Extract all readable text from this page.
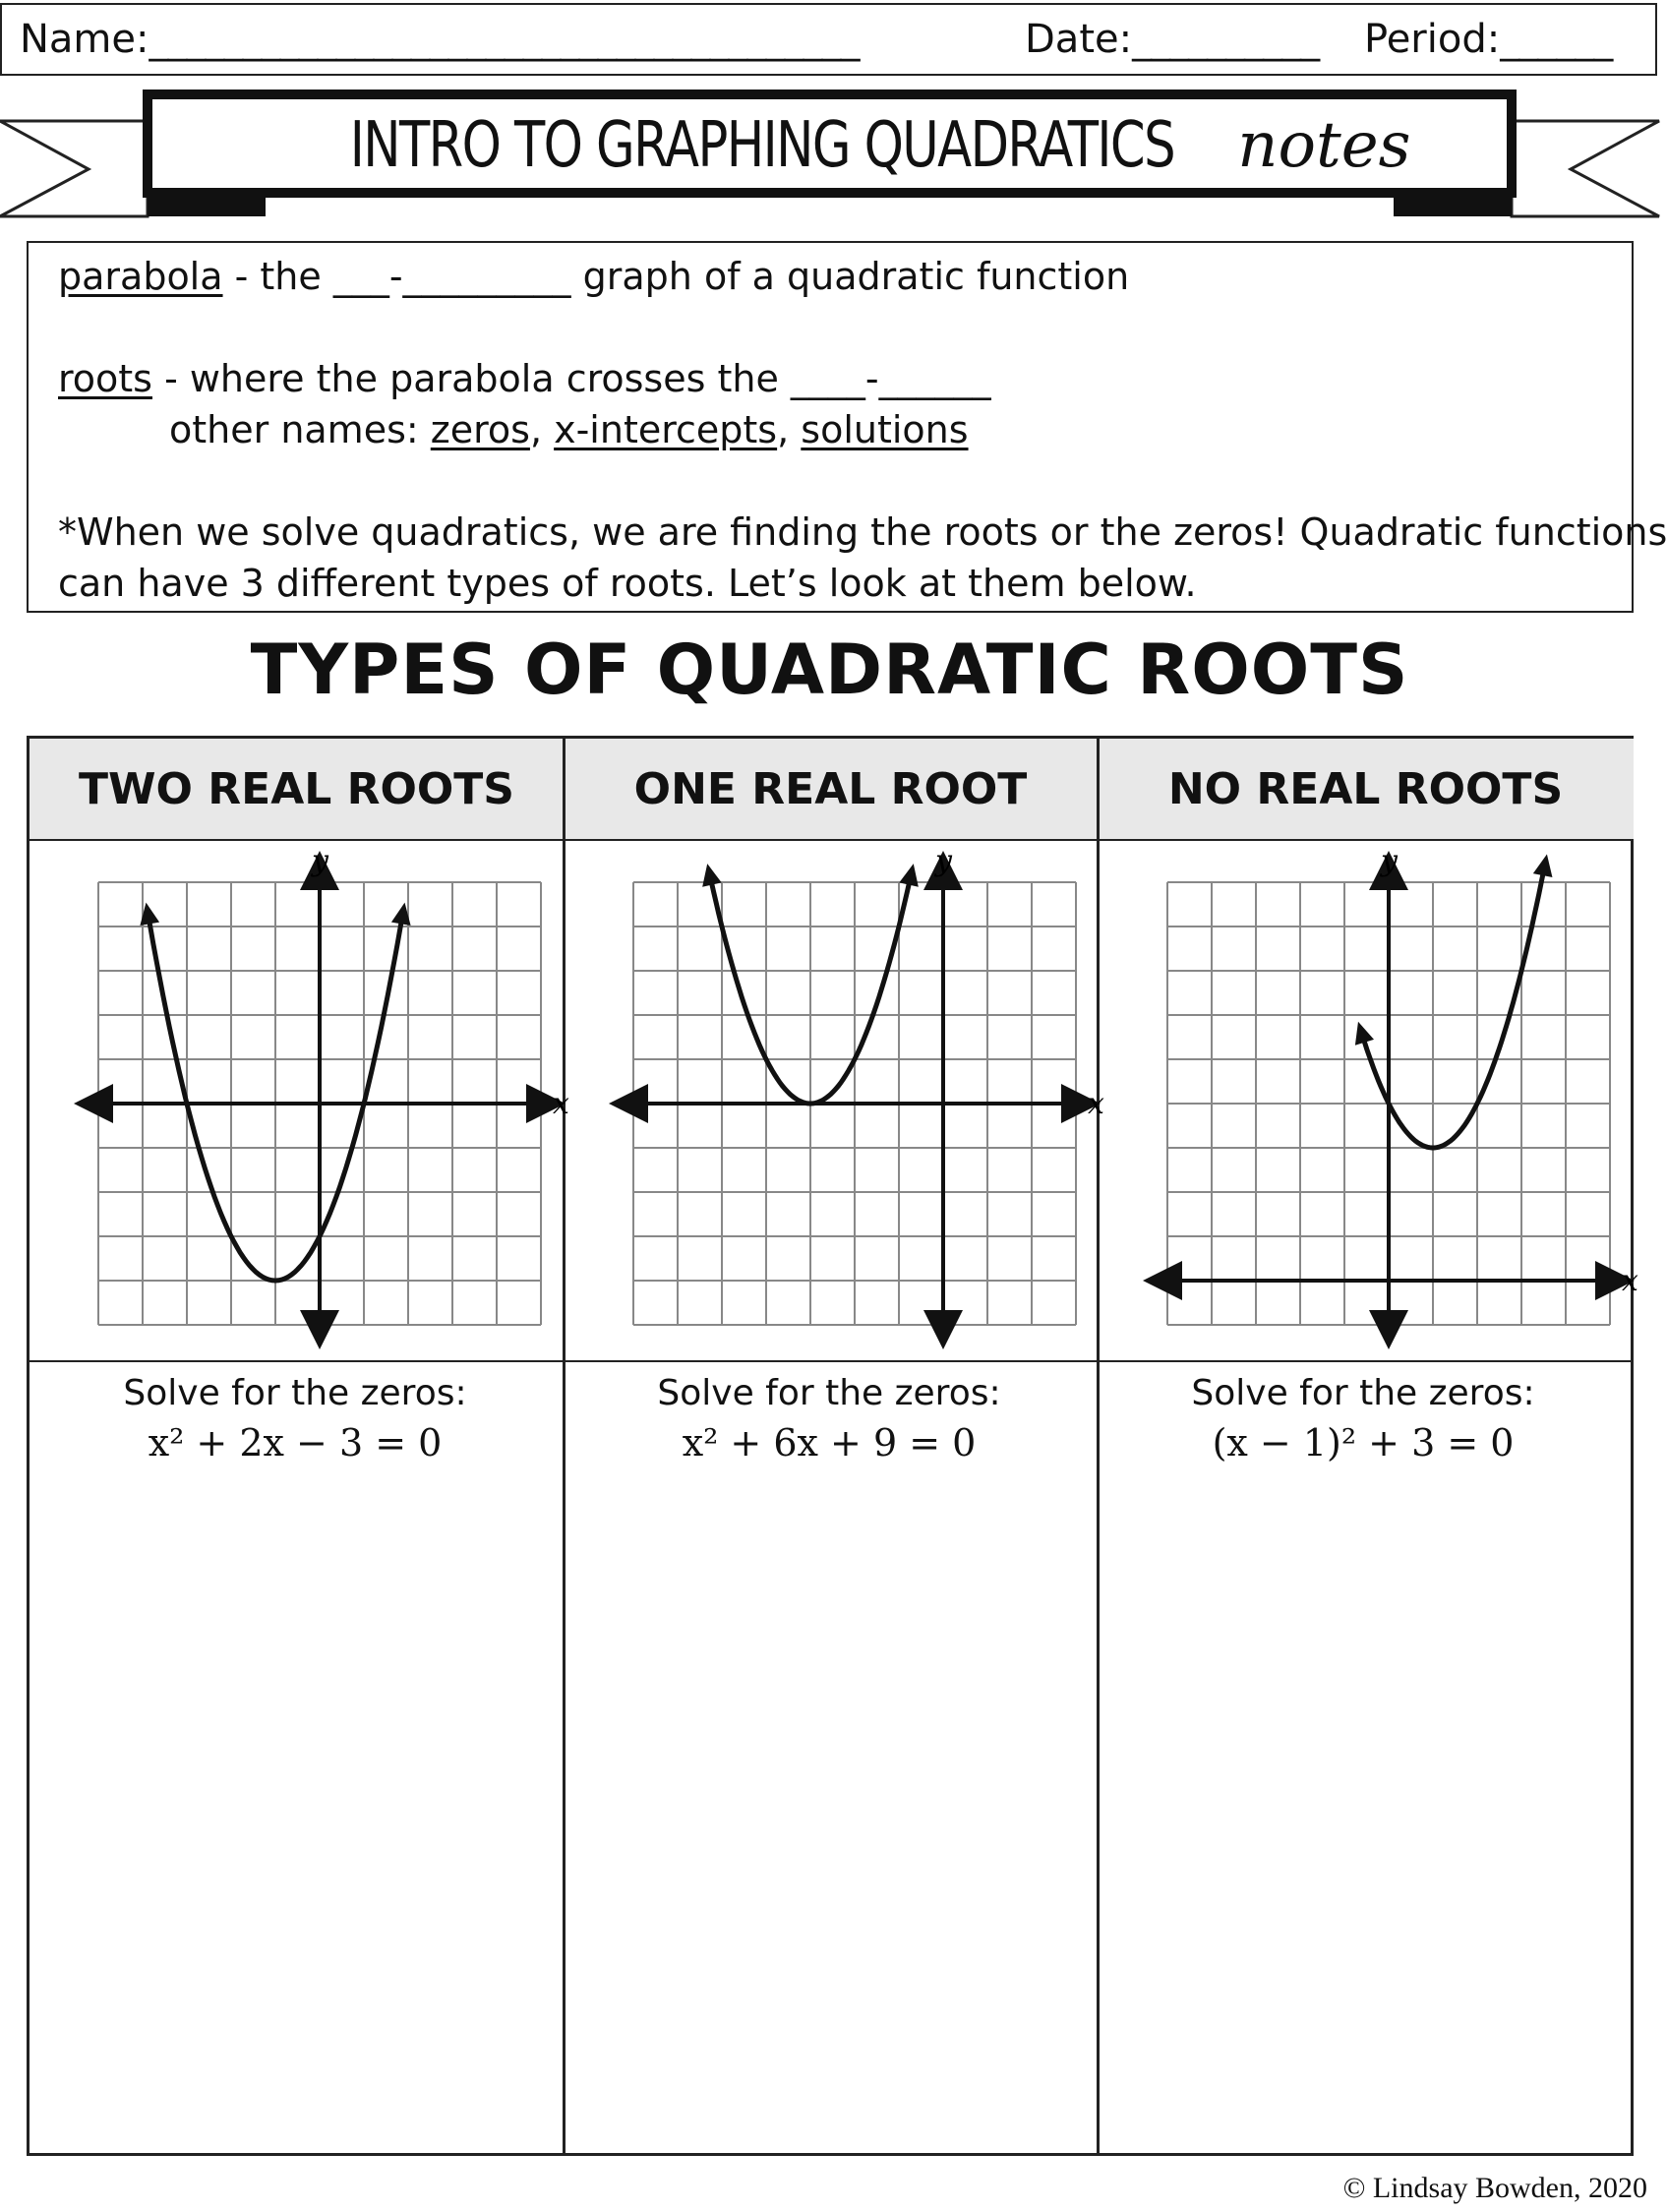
Name:______________________________________	Date:__________ Period:______
INTRO TO GRAPHING QUADRATICS notes
parabola - the ___-_________ graph of a quadratic function
roots - where the parabola crosses the ____-______
other names: zeros, x-intercepts, solutions
*When we solve quadratics, we are finding the roots or the zeros! Quadratic functions
can have 3 different types of roots. Let’s look at them below.
TYPES OF QUADRATIC ROOTS
TWO REAL ROOTS	ONE REAL ROOT	NO REAL ROOTS
x
y
x
y
x
y
Solve for the zeros:
x² + 2x − 3 = 0
Solve for the zeros:
x² + 6x + 9 = 0
Solve for the zeros:
(x − 1)² + 3 = 0
© Lindsay Bowden, 2020
